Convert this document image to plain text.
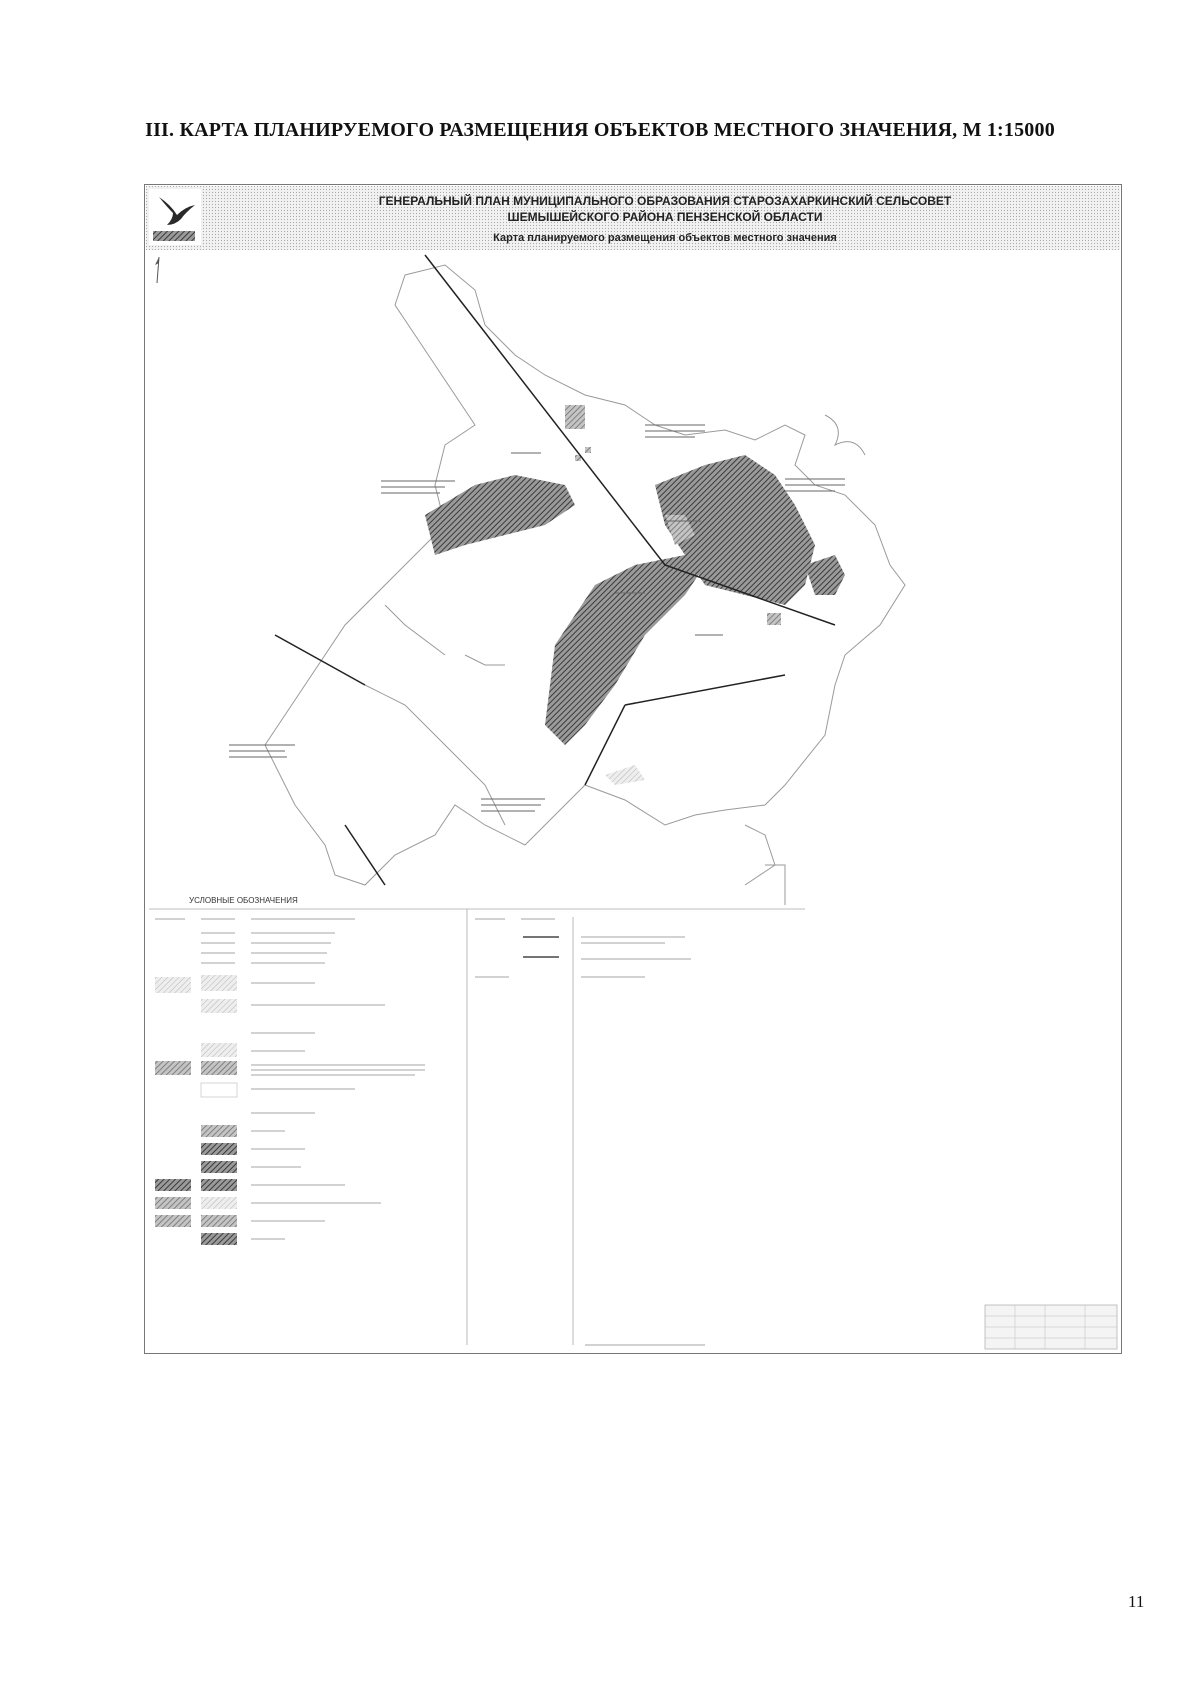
III. КАРТА ПЛАНИРУЕМОГО РАЗМЕЩЕНИЯ ОБЪЕКТОВ МЕСТНОГО ЗНАЧЕНИЯ, М 1:15000
ГЕНЕРАЛЬНЫЙ ПЛАН МУНИЦИПАЛЬНОГО ОБРАЗОВАНИЯ СТАРОЗАХАРКИНСКИЙ СЕЛЬСОВЕТ
ШЕМЫШЕЙСКОГО РАЙОНА ПЕНЗЕНСКОЙ ОБЛАСТИ
Карта планируемого размещения объектов местного значения
УСЛОВНЫЕ ОБОЗНАЧЕНИЯ
11
